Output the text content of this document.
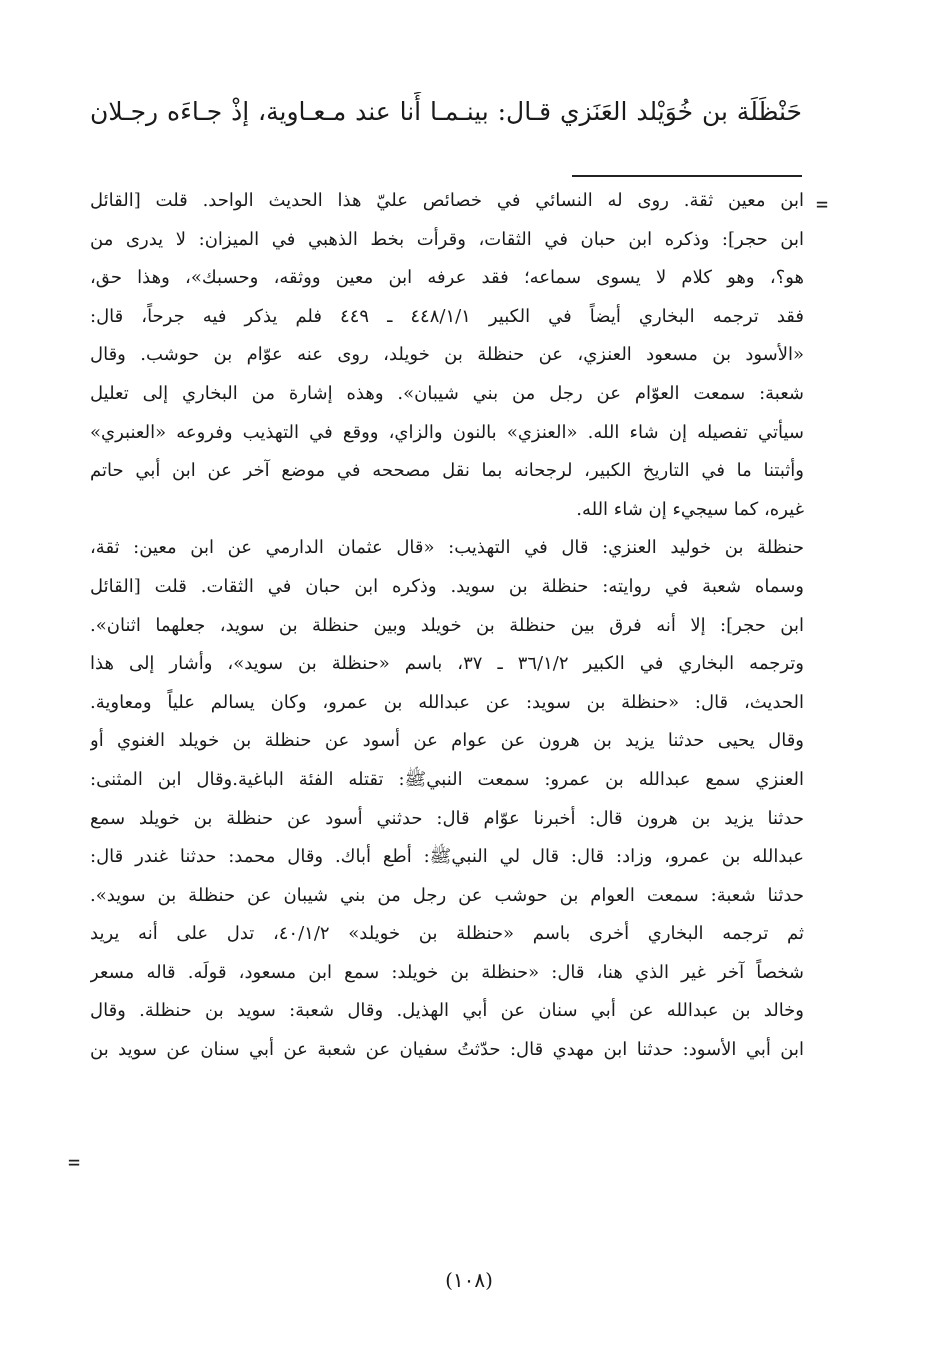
حَنْظَلَة بن خُوَيْلد العَنَزي قـال: بينـمـا أَنا عند مـعـاوية، إذْ جـاءَه رجـلان
=
ابن معين ثقة. روى له النسائي في خصائص عليّ هذا الحديث الواحد. قلت [القائل
ابن حجر]: وذكره ابن حبان في الثقات، وقرأت بخط الذهبي في الميزان: لا يدرى من
هو؟، وهو كلام لا يسوى سماعه؛ فقد عرفه ابن معين ووثقه، وحسبك»، وهذا حق،
فقد ترجمه البخاري أيضاً في الكبير ٤٤٨/١/١ ـ ٤٤٩ فلم يذكر فيه جرحاً، قال:
«الأسود بن مسعود العنزي، عن حنظلة بن خويلد، روى عنه عوّام بن حوشب. وقال
شعبة: سمعت العوّام عن رجل من بني شيبان». وهذه إشارة من البخاري إلى تعليل
سيأتي تفصيله إن شاء الله. «العنزي» بالنون والزاي، ووقع في التهذيب وفروعه «العنبري»
وأثبتنا ما في التاريخ الكبير، لرجحانه بما نقل مصححه في موضع آخر عن ابن أبي حاتم
غيره، كما سيجيء إن شاء الله.
حنظلة بن خوليد العنزي: قال في التهذيب: «قال عثمان الدارمي عن ابن معين: ثقة،
وسماه شعبة في روايته: حنظلة بن سويد. وذكره ابن حبان في الثقات. قلت [القائل
ابن حجر]: إلا أنه فرق بين حنظلة بن خويلد وبين حنظلة بن سويد، جعلهما اثنان».
وترجمه البخاري في الكبير ٣٦/١/٢ ـ ٣٧، باسم «حنظلة بن سويد»، وأشار إلى هذا
الحديث، قال: «حنظلة بن سويد: عن عبدالله بن عمرو، وكان يسالم علياً ومعاوية.
وقال يحيى حدثنا يزيد بن هرون عن عوام عن أسود عن حنظلة بن خويلد الغنوي أو
العنزي سمع عبدالله بن عمرو: سمعت النبيﷺ: تقتله الفئة الباغية.وقال ابن المثنى:
حدثنا يزيد بن هرون قال: أخبرنا عوّام قال: حدثني أسود عن حنظلة بن خويلد سمع
عبدالله بن عمرو، وزاد: قال: قال لي النبيﷺ: أطع أباك. وقال محمد: حدثنا غندر قال:
حدثنا شعبة: سمعت العوام بن حوشب عن رجل من بني شيبان عن حنظلة بن سويد».
ثم ترجمه البخاري أخرى باسم «حنظلة بن خويلد» ٤٠/١/٢، تدل على أنه يريد
شخصاً آخر غير الذي هنا، قال: «حنظلة بن خويلد: سمع ابن مسعود، قولَه. قاله مسعر
وخالد بن عبدالله عن أبي سنان عن أبي الهذيل. وقال شعبة: سويد بن حنظلة. وقال
ابن أبي الأسود: حدثنا ابن مهدي قال: حدّثتُ سفيان عن شعبة عن أبي سنان عن سويد بن
=
(١٠٨)
